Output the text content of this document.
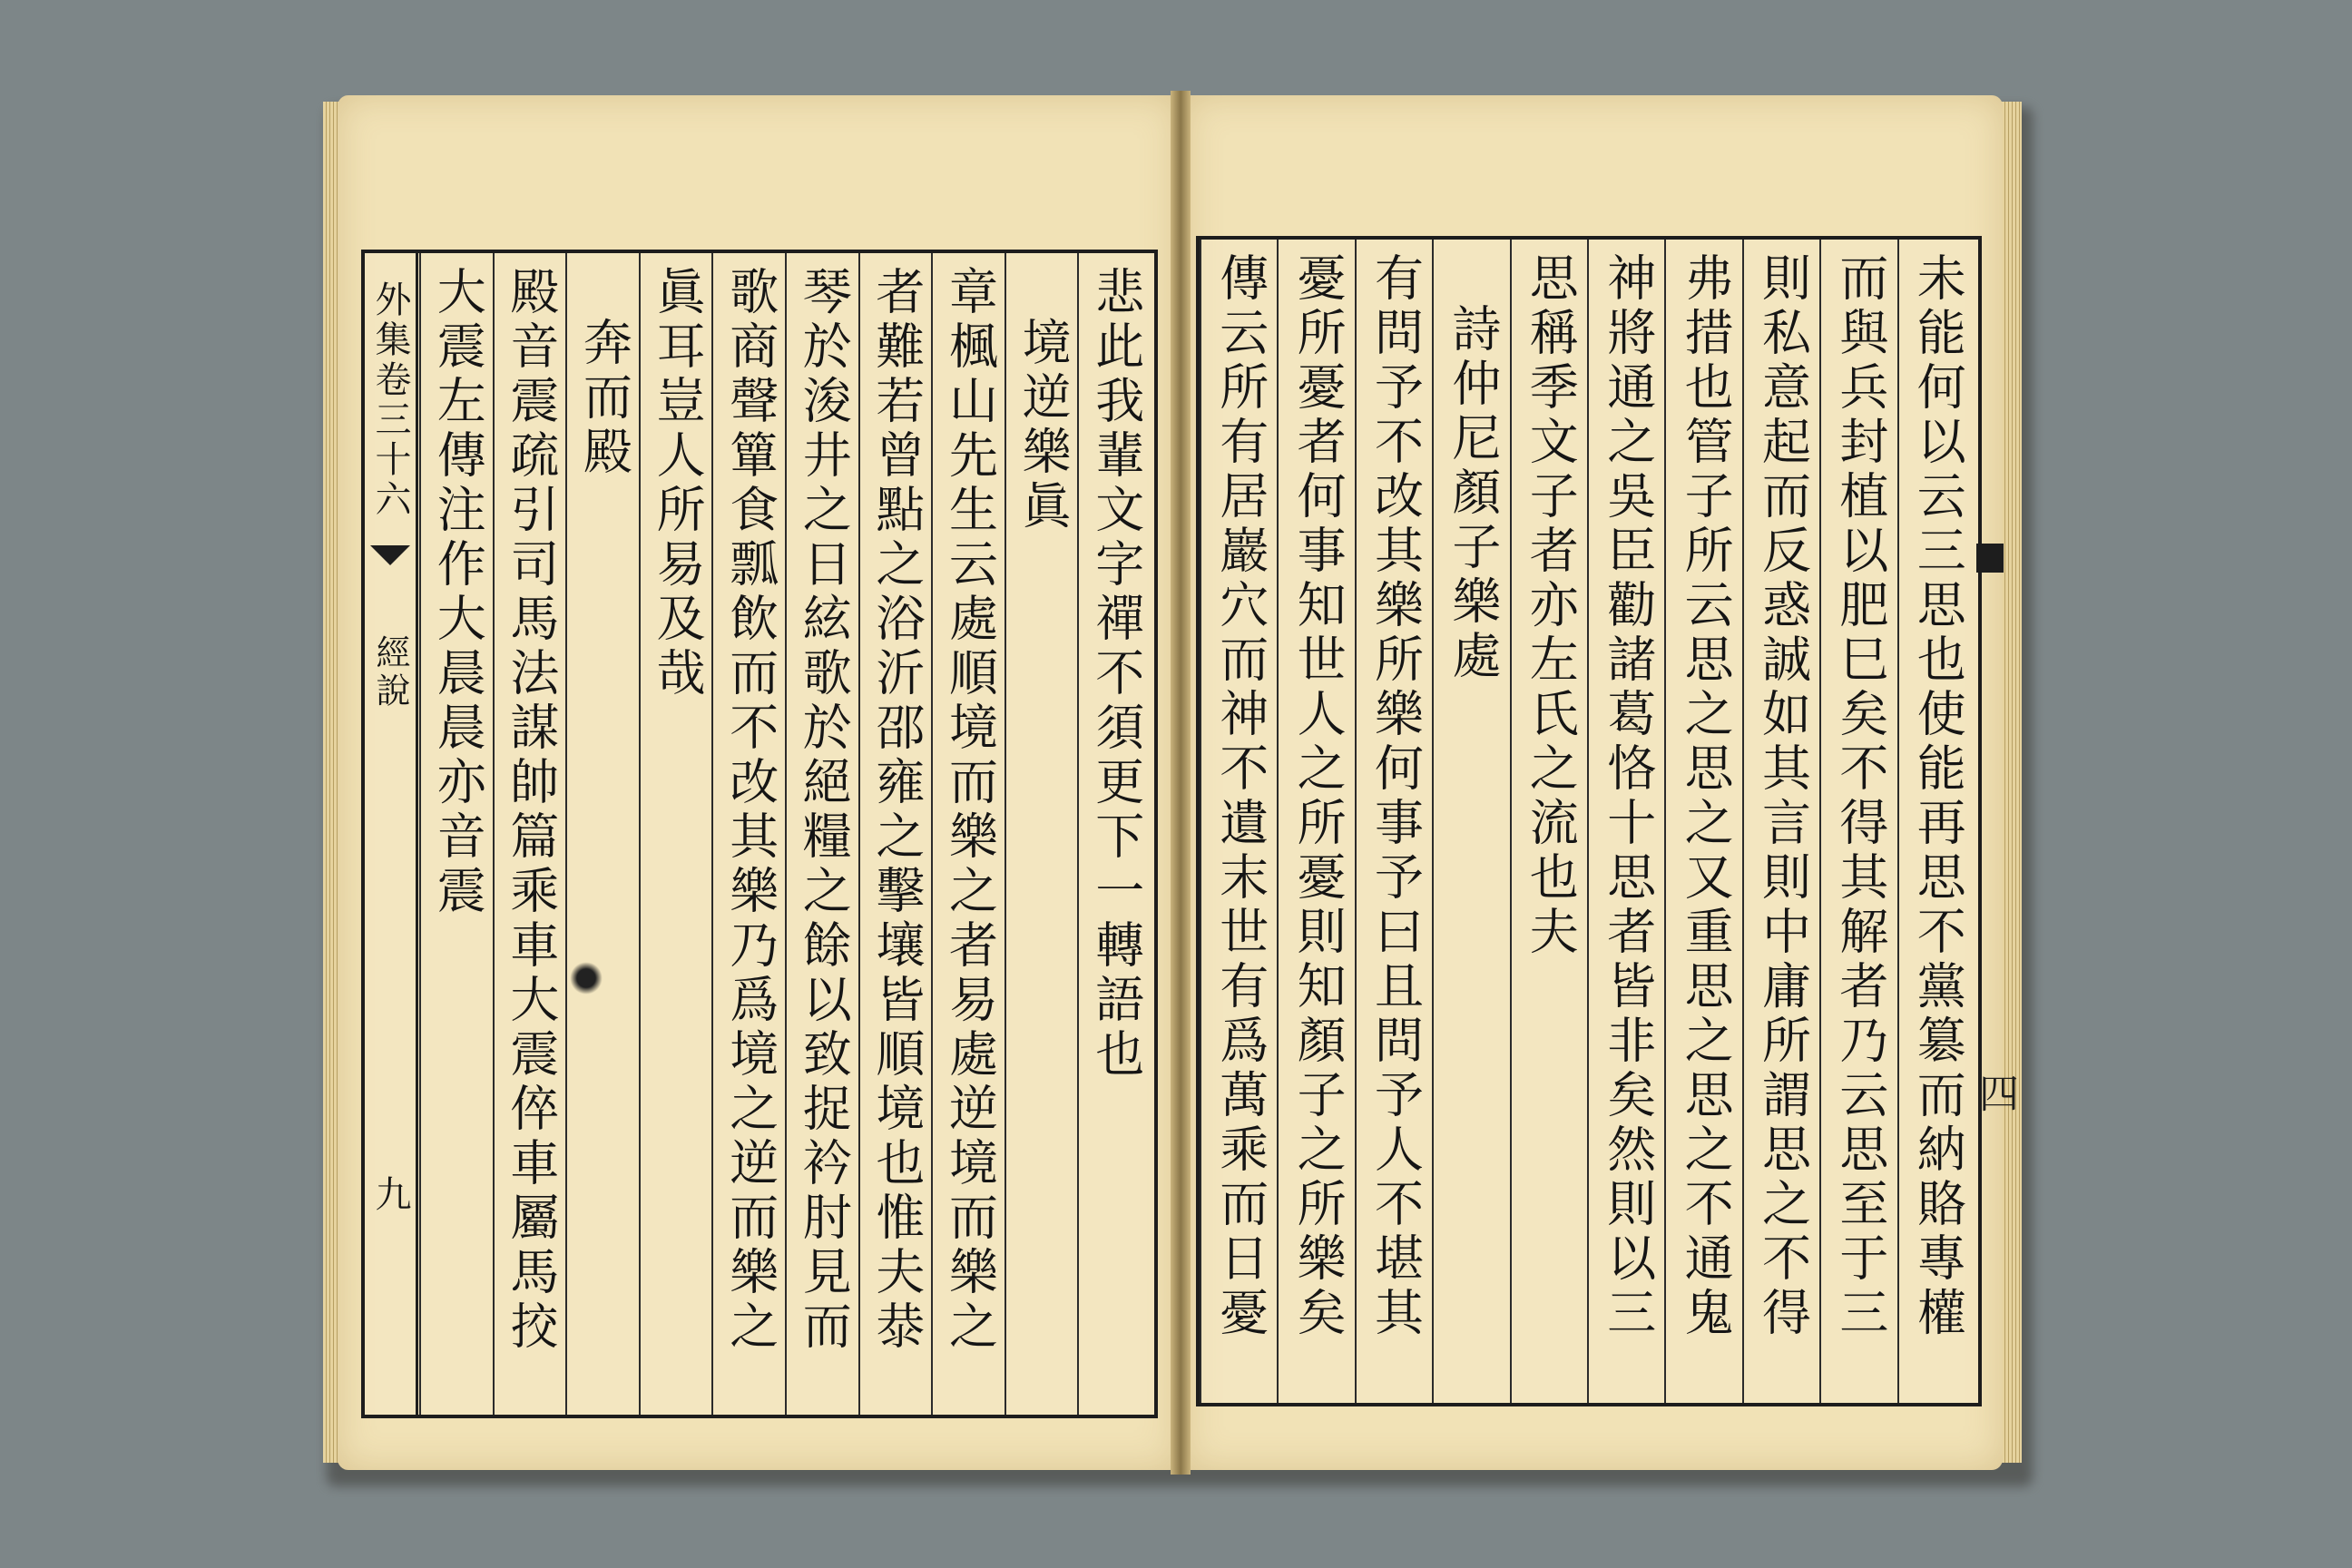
外集卷三十六
經說
九
悲此我輩文字禪不須更下一轉語也
境逆樂眞
章楓山先生云處順境而樂之者易處逆境而樂之
者難若曾點之浴沂邵雍之擊壤皆順境也惟夫㳟
琴於浚井之日絃歌於絕糧之餘以致捉衿肘見而
歌商聲簞食瓢飲而不改其樂乃爲境之逆而樂之
眞耳豈人所易及哉
奔而殿
殿音震疏引司馬法謀帥篇乘車大震倅車屬馬挍
大震左傳注作大晨晨亦音震
四
未能何以云三思也使能再思不黨簒而納賂專權
而與兵封植以肥巳矣不得其解者乃云思至于三
則私意起而反惑誠如其言則中庸所謂思之不得
弗措也管子所云思之思之又重思之思之不通鬼
神將通之吳臣勸諸葛恪十思者皆非矣然則以三
思稱季文子者亦左氏之流也夫
詩仲尼顏子樂處
有問予不改其樂所樂何事予曰且問予人不堪其
憂所憂者何事知世人之所憂則知顏子之所樂矣
傳云所有居巖穴而神不遺末世有爲萬乘而日憂
